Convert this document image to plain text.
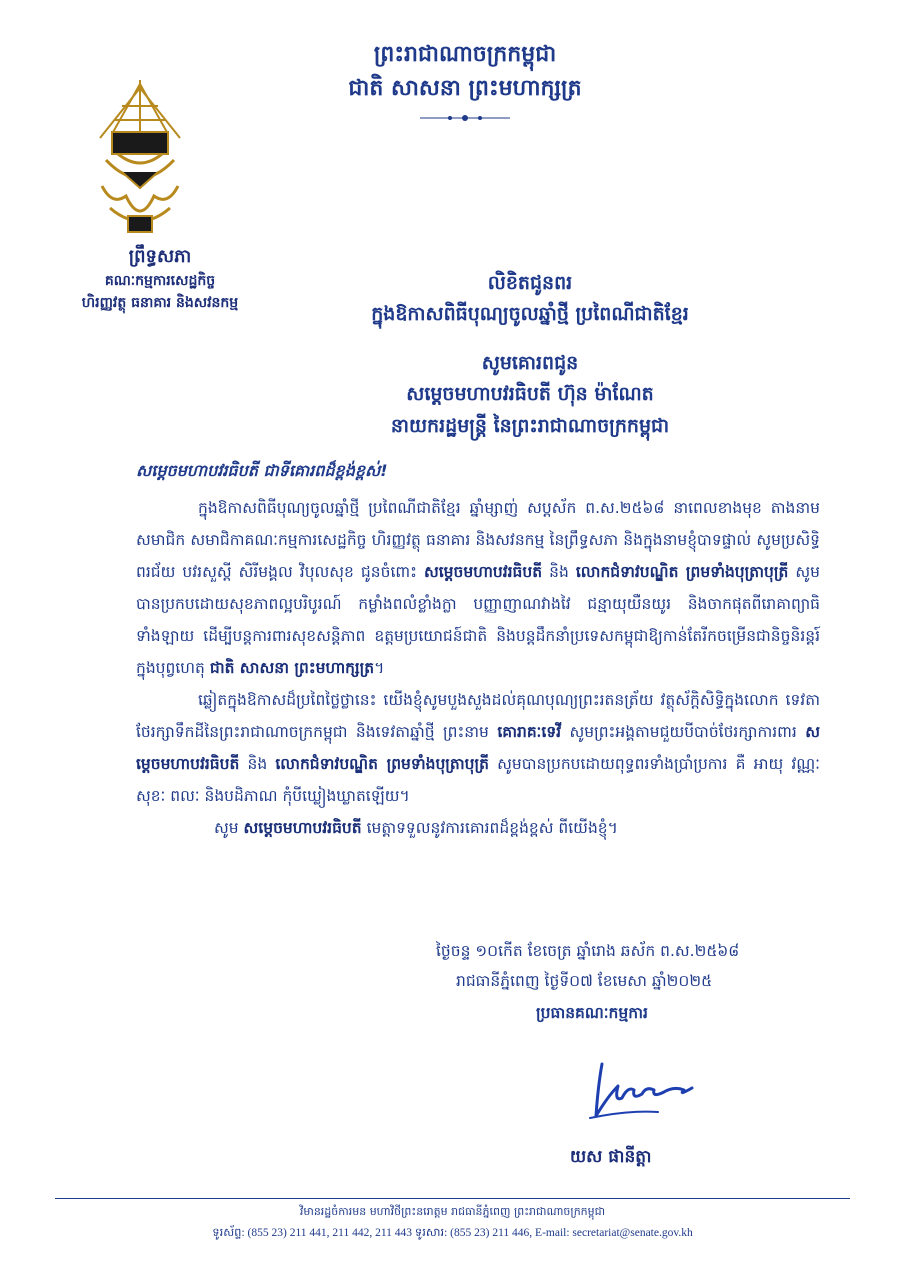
ព្រះរាជាណាចក្រកម្ពុជា

ជាតិ សាសនា ព្រះមហាក្សត្រ

ព្រឹទ្ធសភា

គណៈកម្មការសេដ្ឋកិច្ច

ហិរញ្ញវត្ថុ ធនាគារ និងសវនកម្ម

លិខិតជូនពរ

ក្នុងឱកាសពិធីបុណ្យចូលឆ្នាំថ្មី ប្រពៃណីជាតិខ្មែរ

សូមគោរពជូន

សម្តេចមហាបវរធិបតី ហ៊ុន ម៉ាណែត

នាយករដ្ឋមន្ត្រី នៃព្រះរាជាណាចក្រកម្ពុជា

សម្តេចមហាបវរធិបតី ជាទីគោរពដ៏ខ្ពង់ខ្ពស់!

ក្នុងឱកាសពិធីបុណ្យចូលឆ្នាំថ្មី ប្រពៃណីជាតិខ្មែរ ឆ្នាំម្សាញ់ សប្តស័ក ព.ស.២៥៦៨ នាពេលខាងមុខ តាងនាម សមាជិក សមាជិកាគណៈកម្មការសេដ្ឋកិច្ច ហិរញ្ញវត្ថុ ធនាគារ និងសវនកម្ម នៃព្រឹទ្ធសភា និងក្នុងនាមខ្ញុំបាទផ្ទាល់ សូមប្រសិទ្ធិពរជ័យ បវរសួស្តី សិរីមង្គល វិបុលសុខ ជូនចំពោះ សម្តេចមហាបវរធិបតី និង លោកជំទាវបណ្ឌិត ព្រមទាំងបុត្រាបុត្រី សូមបានប្រកបដោយសុខភាពល្អបរិបូរណ៍ កម្លាំងពលំខ្លាំងក្លា បញ្ញាញាណវាងវៃ ជន្មាយុយឺនយូរ និងចាកផុតពីរោគាព្យាធិទាំងឡាយ ដើម្បីបន្តការពារសុខសន្តិភាព ឧត្តមប្រយោជន៍ជាតិ និងបន្តដឹកនាំប្រទេសកម្ពុជាឱ្យកាន់តែរីកចម្រើនជានិច្ចនិរន្តរ៍ ក្នុងបុព្វហេតុ ជាតិ សាសនា ព្រះមហាក្សត្រ។

ឆ្លៀតក្នុងឱកាសដ៏ប្រពៃថ្លៃថ្លានេះ យើងខ្ញុំសូមបួងសួងដល់គុណបុណ្យព្រះរតនត្រ័យ វត្ថុស័ក្តិសិទ្ធិក្នុងលោក ទេវតាថែរក្សាទឹកដីនៃព្រះរាជាណាចក្រកម្ពុជា និងទេវតាឆ្នាំថ្មី ព្រះនាម គោរាគៈទេវី សូមព្រះអង្គតាមជួយបីបាច់ថែរក្សាការពារ សម្តេចមហាបវរធិបតី និង លោកជំទាវបណ្ឌិត ព្រមទាំងបុត្រាបុត្រី សូមបានប្រកបដោយពុទ្ធពរទាំងប្រាំប្រការ គឺ អាយុ វណ្ណៈ សុខៈ ពលៈ និងបដិភាណ កុំបីឃ្លៀងឃ្លាតឡើយ។

សូម សម្តេចមហាបវរធិបតី មេត្តាទទួលនូវការគោរពដ៏ខ្ពង់ខ្ពស់ ពីយើងខ្ញុំ។

ថ្ងៃចន្ទ ១០កើត ខែចេត្រ ឆ្នាំរោង ឆស័ក ព.ស.២៥៦៨

រាជធានីភ្នំពេញ ថ្ងៃទី០៧ ខែមេសា ឆ្នាំ២០២៥

ប្រធានគណៈកម្មការ

យស ផានីត្តា

វិមានរដ្ឋចំការមន មហាវិថីព្រះនរោត្តម រាជធានីភ្នំពេញ ព្រះរាជាណាចក្រកម្ពុជា

ទូរស័ព្ទ: (855 23) 211 441, 211 442, 211 443 ទូរសារ: (855 23) 211 446, E-mail: secretariat@senate.gov.kh
